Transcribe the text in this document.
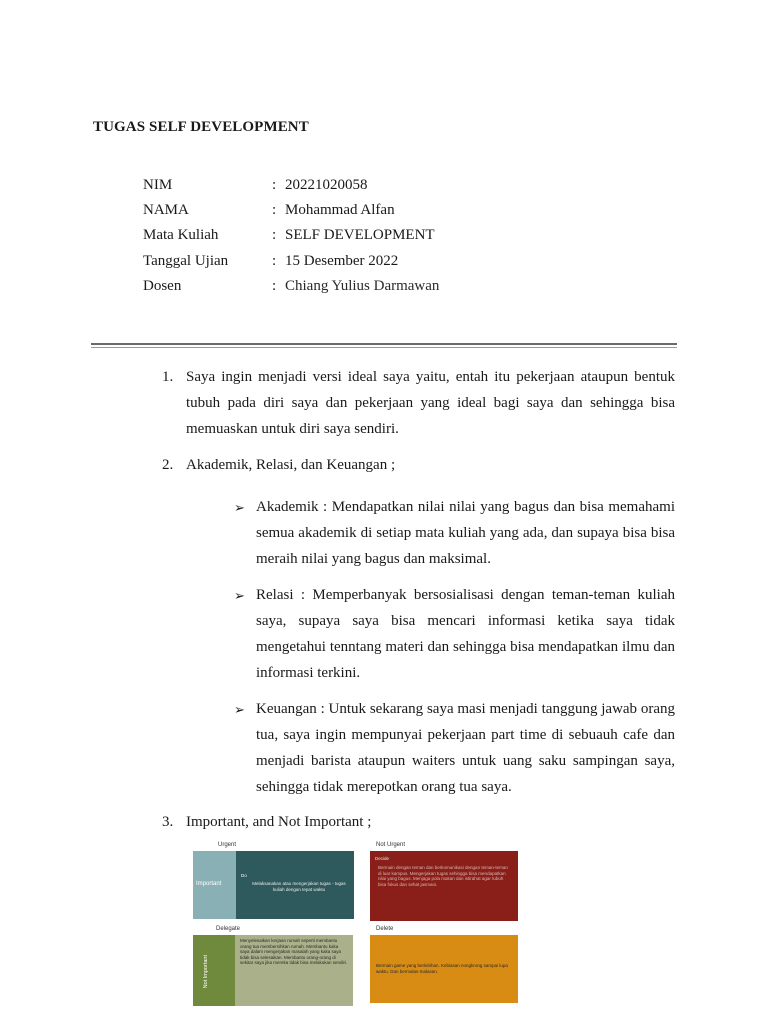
TUGAS SELF DEVELOPMENT
NIM	: 20221020058
NAMA	: Mohammad Alfan
Mata Kuliah	: SELF DEVELOPMENT
Tanggal Ujian	: 15 Desember 2022
Dosen	: Chiang Yulius Darmawan
1. Saya ingin menjadi versi ideal saya yaitu, entah itu pekerjaan ataupun bentuk tubuh pada diri saya dan pekerjaan yang ideal bagi saya dan sehingga bisa memuaskan untuk diri saya sendiri.
2. Akademik, Relasi, dan Keuangan ;
➢ Akademik : Mendapatkan nilai nilai yang bagus dan bisa memahami semua akademik di setiap mata kuliah yang ada, dan supaya bisa bisa meraih nilai yang bagus dan maksimal.
➢ Relasi : Memperbanyak bersosialisasi dengan teman-teman kuliah saya, supaya saya bisa mencari informasi ketika saya tidak mengetahui tenntang materi dan sehingga bisa mendapatkan ilmu dan informasi terkini.
➢ Keuangan : Untuk sekarang saya masi menjadi tanggung jawab orang tua, saya ingin mempunyai pekerjaan part time di sebuauh cafe dan menjadi barista ataupun waiters untuk uang saku sampingan saya, sehingga tidak merepotkan orang tua saya.
3. Important, and Not Important ;
Urgent	Not Urgent
Important
Do
Melaksanakan atau mengerjakan tugas - tugas kuliah dengan tepat waktu
Decide
Bermain dengan teman dan berkomunikasi dengan teman-teman di luar kampus. Mengerjakan tugas sehingga bisa mendapatkan nilai yang bagus. Menjaga pola makan dan istirahat agar tubuh bisa fokus dan sehat jasmani.
Delegate	Delete
Not Important
Menyelesaikan kerjaan rumah seperti membantu orang tua membersihkan rumah. Membantu kaka saya dalam mengerjakan masalah yang kaka saya tidak bisa selesaikan. Membantu orang-orang di sekitar saya jika mereka tidak bisa melakukan sendiri.
Bermain game yang berlebihan. Kebiasan nongkrong sampai lupa waktu. Dan bermalas-malasan.
